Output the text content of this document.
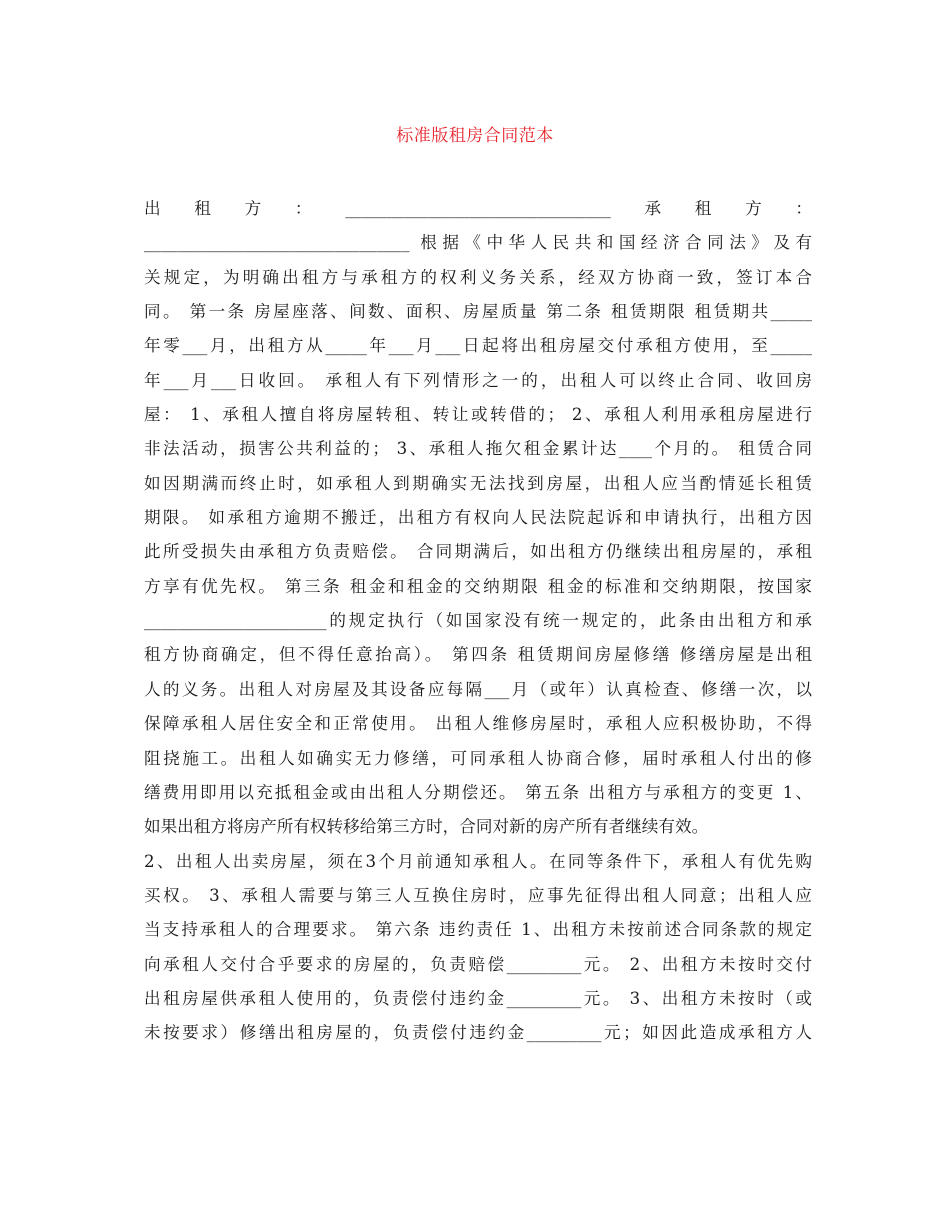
标准版租房合同范本
出租方：________________________________承租方：
________________________________ 根据《中华人民共和国经济合同法》及有
关规定，为明确出租方与承租方的权利义务关系，经双方协商一致，签订本合
同。 第一条 房屋座落、间数、面积、房屋质量 第二条 租赁期限 租赁期共_____
年零___月，出租方从_____年___月___日起将出租房屋交付承租方使用，至_____
年___月___日收回。 承租人有下列情形之一的，出租人可以终止合同、收回房
屋： 1、承租人擅自将房屋转租、转让或转借的； 2、承租人利用承租房屋进行
非法活动，损害公共利益的； 3、承租人拖欠租金累计达____个月的。 租赁合同
如因期满而终止时，如承租人到期确实无法找到房屋，出租人应当酌情延长租赁
期限。 如承租方逾期不搬迁，出租方有权向人民法院起诉和申请执行，出租方因
此所受损失由承租方负责赔偿。 合同期满后，如出租方仍继续出租房屋的，承租
方享有优先权。 第三条 租金和租金的交纳期限 租金的标准和交纳期限，按国家
______________________的规定执行（如国家没有统一规定的，此条由出租方和承
租方协商确定，但不得任意抬高）。 第四条 租赁期间房屋修缮 修缮房屋是出租
人的义务。出租人对房屋及其设备应每隔___月（或年）认真检查、修缮一次，以
保障承租人居住安全和正常使用。 出租人维修房屋时，承租人应积极协助，不得
阻挠施工。出租人如确实无力修缮，可同承租人协商合修，届时承租人付出的修
缮费用即用以充抵租金或由出租人分期偿还。 第五条 出租方与承租方的变更 1、
如果出租方将房产所有权转移给第三方时，合同对新的房产所有者继续有效。
2、出租人出卖房屋，须在3个月前通知承租人。在同等条件下，承租人有优先购
买权。 3、承租人需要与第三人互换住房时，应事先征得出租人同意；出租人应
当支持承租人的合理要求。 第六条 违约责任 1、出租方未按前述合同条款的规定
向承租人交付合乎要求的房屋的，负责赔偿_________元。 2、出租方未按时交付
出租房屋供承租人使用的，负责偿付违约金_________元。 3、出租方未按时（或
未按要求）修缮出租房屋的，负责偿付违约金_________元；如因此造成承租方人
